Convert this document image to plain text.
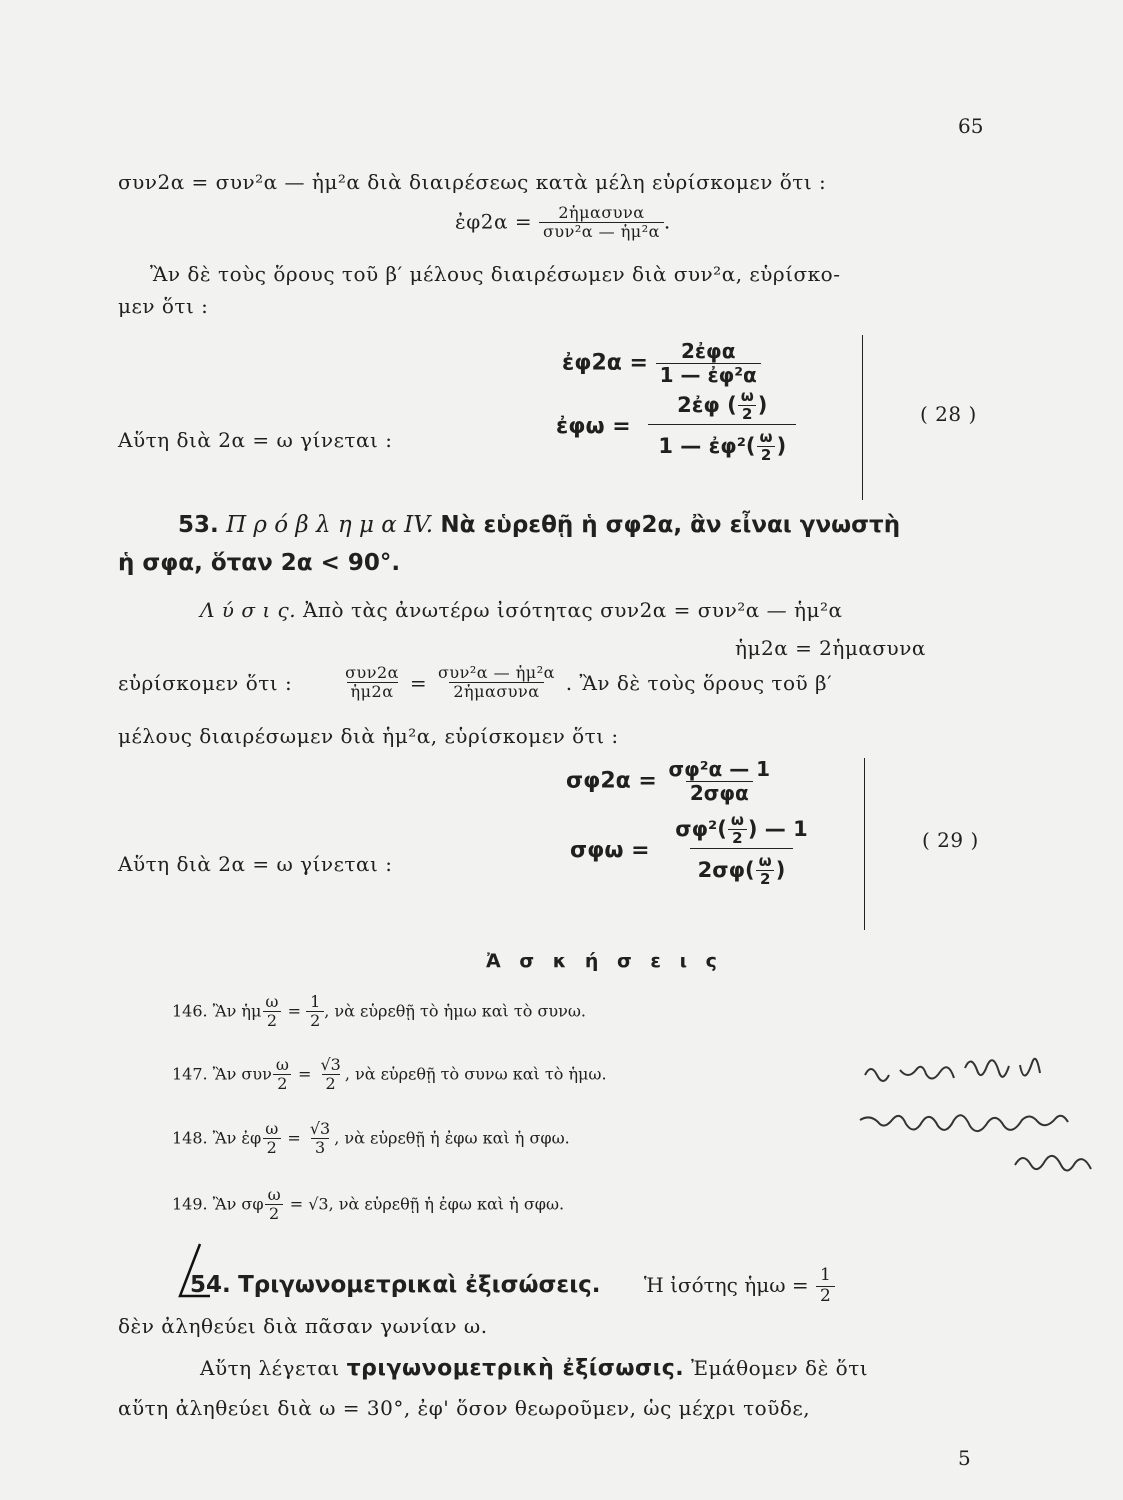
65
συν2α = συν²α — ἡμ²α διὰ διαιρέσεως κατὰ μέλη εὑρίσκομεν ὅτι :
ἐφ2α = $\frac{\text{2ἡμασυνα}}{\text{συν²α — ἡμ²α}}$ .
Ἂν δὲ τοὺς ὅρους τοῦ β′ μέλους διαιρέσωμεν διὰ συν²α, εὑρίσκο-
μεν ὅτι :
ἐφ2α = $\frac{\text{2ἐφα}}{\text{1 — ἐφ²α}}$
Αὕτη διὰ 2α = ω γίνεται :
ἐφω = $\frac{2ἐ\varphi ( \frac{\omega}{2} )}{1 — ἐ\varphi^2( \frac{\omega}{2} )}$	( 28 )
53. Π ρ ό β λ η μ α IV. Νὰ εὑρεθῇ ἡ σφ2α, ἂν εἶναι γνωστὴ
ἡ σφα, ὅταν 2α < 90°.
Λ ύ σ ι ς. Ἀπὸ τὰς ἀνωτέρω ἰσότητας συν2α = συν²α — ἡμ²α
ἡμ2α = 2ἡμασυνα
εὑρίσκομεν ὅτι :	$\frac{\text{συν2α}}{\text{ἡμ2α}} = \frac{\text{συν²α — ἡμ²α}}{\text{2ἡμασυνα}}$ . Ἂν δὲ τοὺς ὅρους τοῦ β′
μέλους διαιρέσωμεν διὰ ἡμ²α, εὑρίσκομεν ὅτι :
$\sigma\varphi 2\alpha = \frac{\text{σφ²α — 1}}{\text{2σφα}}$
Αὕτη διὰ 2α = ω γίνεται :
$\sigma\varphi\omega = \frac{\sigma\varphi^2( \frac{\omega}{2} ) — 1}{2\sigma\varphi( \frac{\omega}{2} )}$	( 29 )
Ἀ σ κ ή σ ε ι ς
146. Ἂν ἡμ $\frac{\omega}{2} = \frac{1}{2}$ , νὰ εὑρεθῇ τὸ ἡμω καὶ τὸ συνω.
147. Ἂν συν $\frac{\omega}{2} = \frac{√3}{2}$ , νὰ εὑρεθῇ τὸ συνω καὶ τὸ ἡμω.
148. Ἂν ἐφ $\frac{\omega}{2} = \frac{√3}{3}$ , νὰ εὑρεθῇ ἡ ἐφω καὶ ἡ σφω.
149. Ἂν σφ $\frac{\omega}{2} = √3$, νὰ εὑρεθῇ ἡ ἐφω καὶ ἡ σφω.
54. Τριγωνομετρικαὶ ἐξισώσεις. Ἡ ἰσότης ἡμω = $\frac{1}{2}$
δὲν ἀληθεύει διὰ πᾶσαν γωνίαν ω.
Αὕτη λέγεται τριγωνομετρικὴ ἐξίσωσις. Ἐμάθομεν δὲ ὅτι
αὕτη ἀληθεύει διὰ ω = 30°, ἐφ' ὅσον θεωροῦμεν, ὡς μέχρι τοῦδε,
5
